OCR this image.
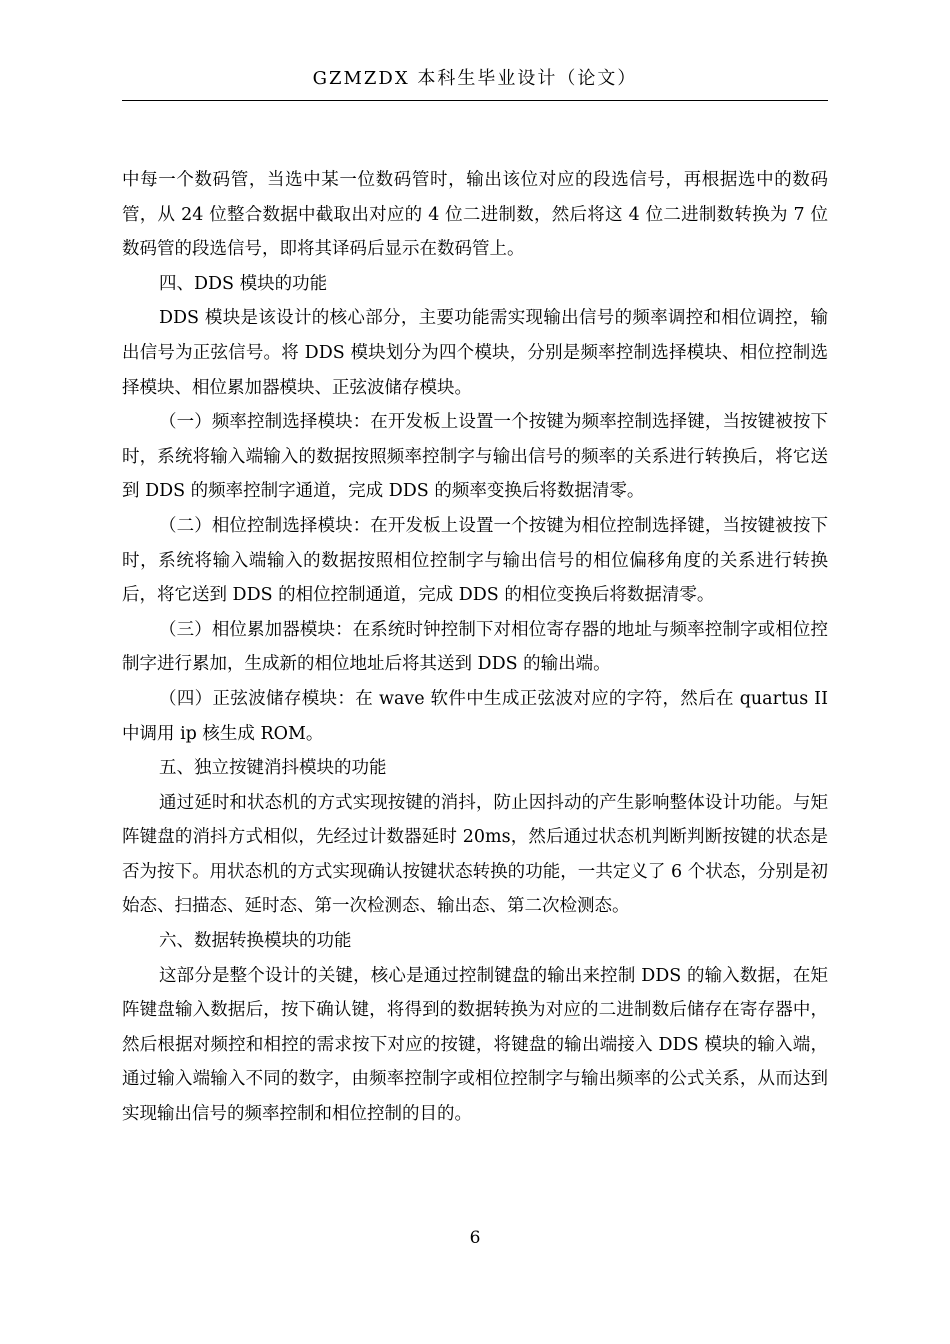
GZMZDX 本科生毕业设计（论文）

中每一个数码管，当选中某一位数码管时，输出该位对应的段选信号，再根据选中的数码管，从 24 位整合数据中截取出对应的 4 位二进制数，然后将这 4 位二进制数转换为 7 位数码管的段选信号，即将其译码后显示在数码管上。

四、DDS 模块的功能

DDS 模块是该设计的核心部分，主要功能需实现输出信号的频率调控和相位调控，输出信号为正弦信号。将 DDS 模块划分为四个模块，分别是频率控制选择模块、相位控制选择模块、相位累加器模块、正弦波储存模块。

（一）频率控制选择模块：在开发板上设置一个按键为频率控制选择键，当按键被按下时，系统将输入端输入的数据按照频率控制字与输出信号的频率的关系进行转换后，将它送到 DDS 的频率控制字通道，完成 DDS 的频率变换后将数据清零。

（二）相位控制选择模块：在开发板上设置一个按键为相位控制选择键，当按键被按下时，系统将输入端输入的数据按照相位控制字与输出信号的相位偏移角度的关系进行转换后，将它送到 DDS 的相位控制通道，完成 DDS 的相位变换后将数据清零。

（三）相位累加器模块：在系统时钟控制下对相位寄存器的地址与频率控制字或相位控制字进行累加，生成新的相位地址后将其送到 DDS 的输出端。

（四）正弦波储存模块：在 wave 软件中生成正弦波对应的字符，然后在 quartus II中调用 ip 核生成 ROM。

五、独立按键消抖模块的功能

通过延时和状态机的方式实现按键的消抖，防止因抖动的产生影响整体设计功能。与矩阵键盘的消抖方式相似，先经过计数器延时 20ms，然后通过状态机判断判断按键的状态是否为按下。用状态机的方式实现确认按键状态转换的功能，一共定义了 6 个状态，分别是初始态、扫描态、延时态、第一次检测态、输出态、第二次检测态。

六、数据转换模块的功能

这部分是整个设计的关键，核心是通过控制键盘的输出来控制 DDS 的输入数据，在矩阵键盘输入数据后，按下确认键，将得到的数据转换为对应的二进制数后储存在寄存器中，然后根据对频控和相控的需求按下对应的按键，将键盘的输出端接入 DDS 模块的输入端，通过输入端输入不同的数字，由频率控制字或相位控制字与输出频率的公式关系，从而达到实现输出信号的频率控制和相位控制的目的。

6
